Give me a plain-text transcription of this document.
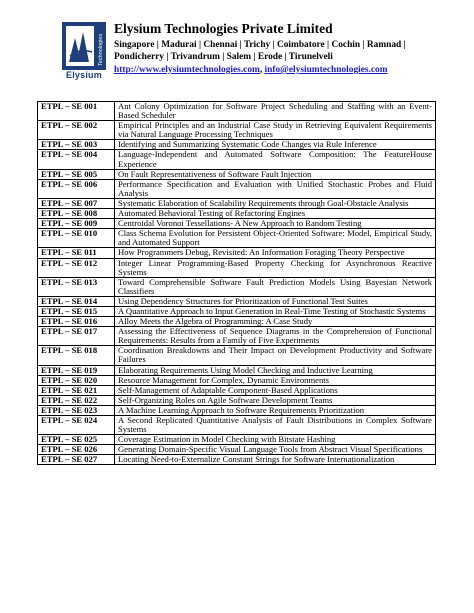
Technologies
Elysium
Elysium Technologies Private Limited
Singapore | Madurai | Chennai | Trichy | Coimbatore | Cochin | Ramnad |
Pondicherry | Trivandrum | Salem | Erode | Tirunelveli
http://www.elysiumtechnologies.com, info@elysiumtechnologies.com
ETPL – SE 001	Ant Colony Optimization for Software Project Scheduling and Staffing with an Event-Based Scheduler
ETPL – SE 002	Empirical Principles and an Industrial Case Study in Retrieving Equivalent Requirements via Natural Language Processing Techniques
ETPL – SE 003	Identifying and Summarizing Systematic Code Changes via Rule Inference
ETPL – SE 004	Language-Independent and Automated Software Composition: The FeatureHouse Experience
ETPL – SE 005	On Fault Representativeness of Software Fault Injection
ETPL – SE 006	Performance Specification and Evaluation with Unified Stochastic Probes and Fluid Analysis
ETPL – SE 007	Systematic Elaboration of Scalability Requirements through Goal-Obstacle Analysis
ETPL – SE 008	Automated Behavioral Testing of Refactoring Engines
ETPL – SE 009	Centroidal Voronoi Tessellations- A New Approach to Random Testing
ETPL – SE 010	Class Schema Evolution for Persistent Object-Oriented Software: Model, Empirical Study, and Automated Support
ETPL – SE 011	How Programmers Debug, Revisited: An Information Foraging Theory Perspective
ETPL – SE 012	Integer Linear Programming-Based Property Checking for Asynchronous Reactive Systems
ETPL – SE 013	Toward Comprehensible Software Fault Prediction Models Using Bayesian Network Classifiers
ETPL – SE 014	Using Dependency Structures for Prioritization of Functional Test Suites
ETPL – SE 015	A Quantitative Approach to Input Generation in Real-Time Testing of Stochastic Systems
ETPL – SE 016	Alloy Meets the Algebra of Programming: A Case Study
ETPL – SE 017	Assessing the Effectiveness of Sequence Diagrams in the Comprehension of Functional Requirements: Results from a Family of Five Experiments
ETPL – SE 018	Coordination Breakdowns and Their Impact on Development Productivity and Software Failures
ETPL – SE 019	Elaborating Requirements Using Model Checking and Inductive Learning
ETPL – SE 020	Resource Management for Complex, Dynamic Environments
ETPL – SE 021	Self-Management of Adaptable Component-Based Applications
ETPL – SE 022	Self-Organizing Roles on Agile Software Development Teams
ETPL – SE 023	A Machine Learning Approach to Software Requirements Prioritization
ETPL – SE 024	A Second Replicated Quantitative Analysis of Fault Distributions in Complex Software Systems
ETPL – SE 025	Coverage Estimation in Model Checking with Bitstate Hashing
ETPL – SE 026	Generating Domain-Specific Visual Language Tools from Abstract Visual Specifications
ETPL – SE 027	Locating Need-to-Externalize Constant Strings for Software Internationalization
